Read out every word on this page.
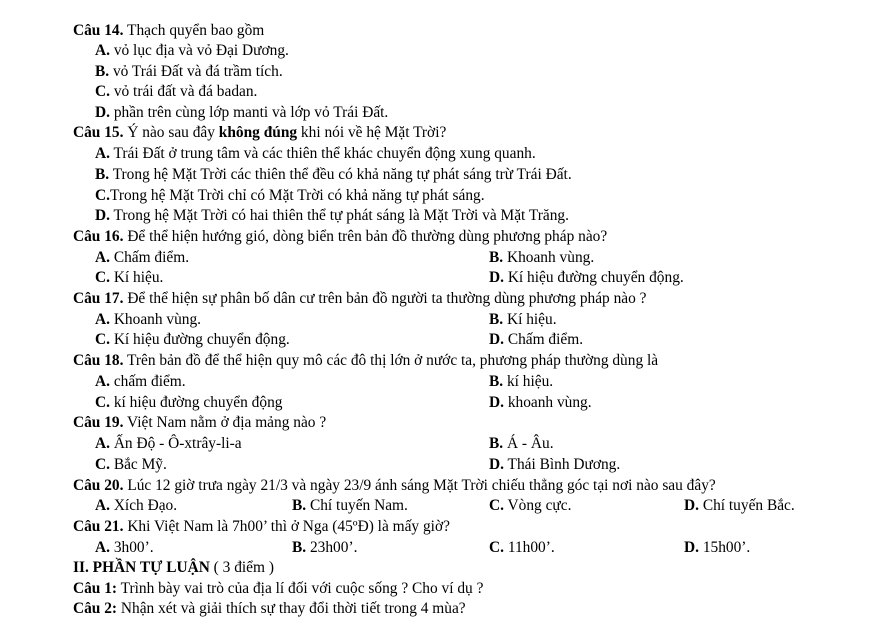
Câu 14. Thạch quyển bao gồm
A. vỏ lục địa và vỏ Đại Dương.
B. vỏ Trái Đất và đá trầm tích.
C. vỏ trái đất và đá badan.
D. phần trên cùng lớp manti và lớp vỏ Trái Đất.
Câu 15. Ý nào sau đây không đúng khi nói về hệ Mặt Trời?
A. Trái Đất ở trung tâm và các thiên thể khác chuyển động xung quanh.
B. Trong hệ Mặt Trời các thiên thể đều có khả năng tự phát sáng trừ Trái Đất.
C.Trong hệ Mặt Trời chỉ có Mặt Trời có khả năng tự phát sáng.
D. Trong hệ Mặt Trời có hai thiên thể tự phát sáng là Mặt Trời và Mặt Trăng.
Câu 16. Để thể hiện hướng gió, dòng biển trên bản đồ thường dùng phương pháp nào?
A. Chấm điểm.	B. Khoanh vùng.
C. Kí hiệu.	D. Kí hiệu đường chuyển động.
Câu 17. Để thể hiện sự phân bố dân cư trên bản đồ người ta thường dùng phương pháp nào ?
A. Khoanh vùng.	B. Kí hiệu.
C. Kí hiệu đường chuyển động.	D. Chấm điểm.
Câu 18. Trên bản đồ để thể hiện quy mô các đô thị lớn ở nước ta, phương pháp thường dùng là
A. chấm điểm.	B. kí hiệu.
C. kí hiệu đường chuyển động	D. khoanh vùng.
Câu 19. Việt Nam nằm ở địa mảng nào ?
A. Ấn Độ - Ô-xtrây-li-a	B. Á - Âu.
C. Bắc Mỹ.	D. Thái Bình Dương.
Câu 20. Lúc 12 giờ trưa ngày 21/3 và ngày 23/9 ánh sáng Mặt Trời chiếu thẳng góc tại nơi nào sau đây?
A. Xích Đạo.	B. Chí tuyến Nam.	C. Vòng cực.	D. Chí tuyến Bắc.
Câu 21. Khi Việt Nam là 7h00’ thì ở Nga (45ºĐ) là mấy giờ?
A. 3h00’.	B. 23h00’.	C. 11h00’.	D. 15h00’.
II. PHẦN TỰ LUẬN ( 3 điểm )
Câu 1: Trình bày vai trò của địa lí đối với cuộc sống ? Cho ví dụ ?
Câu 2: Nhận xét và giải thích sự thay đổi thời tiết trong 4 mùa?
